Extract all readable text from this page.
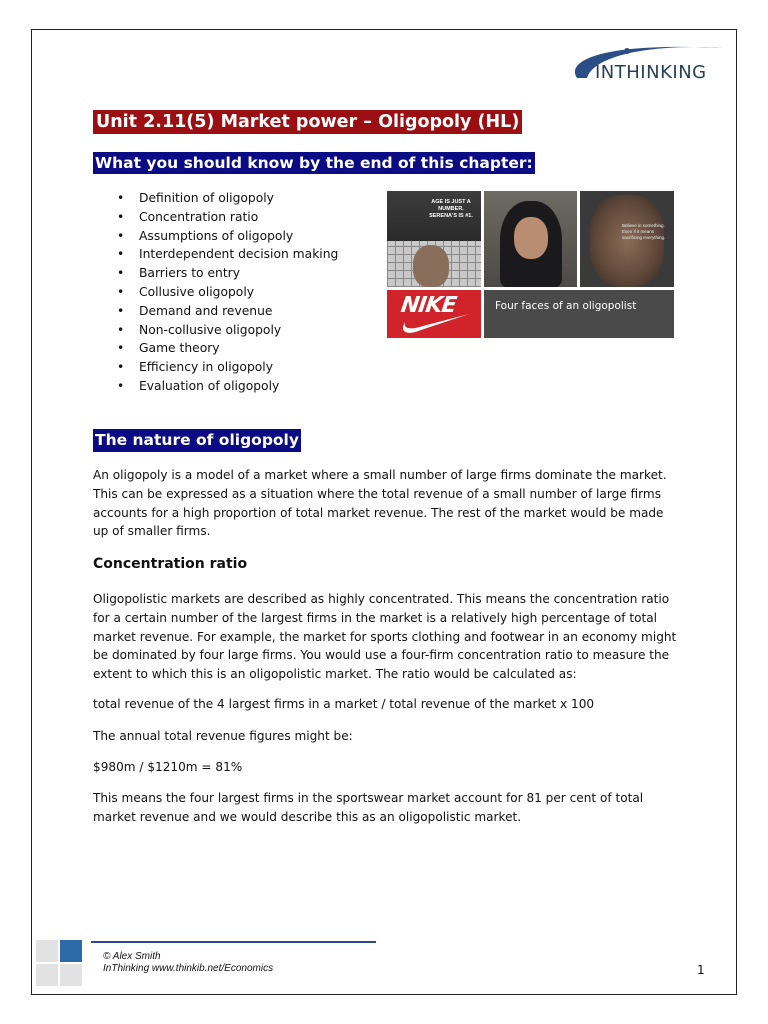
INTHINKING
Unit 2.11(5) Market power – Oligopoly (HL)
What you should know by the end of this chapter:
• Definition of oligopoly
• Concentration ratio
• Assumptions of oligopoly
• Interdependent decision making
• Barriers to entry
• Collusive oligopoly
• Demand and revenue
• Non-collusive oligopoly
• Game theory
• Efficiency in oligopoly
• Evaluation of oligopoly
AGE IS JUST A NUMBER. SERENA'S IS #1.
Believe in something. Even if it means sacrificing everything.
NIKE	Four faces of an oligopolist
The nature of oligopoly

An oligopoly is a model of a market where a small number of large firms dominate the market. This can be expressed as a situation where the total revenue of a small number of large firms accounts for a high proportion of total market revenue. The rest of the market would be made up of smaller firms.

Concentration ratio

Oligopolistic markets are described as highly concentrated. This means the concentration ratio for a certain number of the largest firms in the market is a relatively high percentage of total market revenue. For example, the market for sports clothing and footwear in an economy might be dominated by four large firms. You would use a four-firm concentration ratio to measure the extent to which this is an oligopolistic market. The ratio would be calculated as:

total revenue of the 4 largest firms in a market / total revenue of the market x 100

The annual total revenue figures might be:

$980m / $1210m = 81%

This means the four largest firms in the sportswear market account for 81 per cent of total market revenue and we would describe this as an oligopolistic market.

© Alex Smith
InThinking www.thinkib.net/Economics	1
